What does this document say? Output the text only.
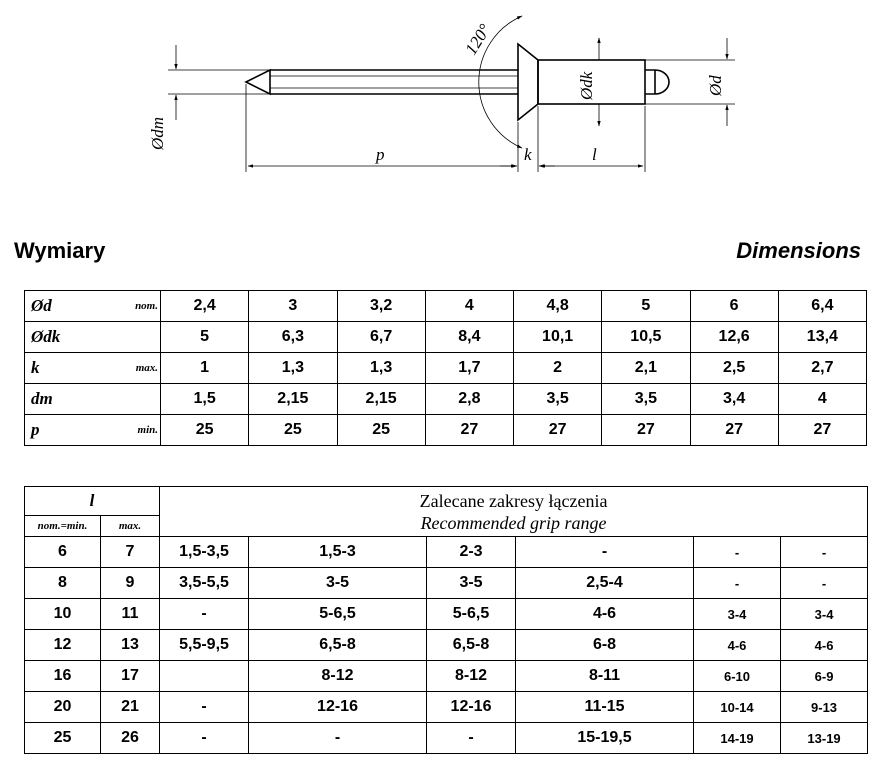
120°
Ødm
Ødk	Ød
p	k	l
Wymiary	Dimensions
Ød	nom.	2,4	3	3,2	4	4,8	5	6	6,4
Ødk		5	6,3	6,7	8,4	10,1	10,5	12,6	13,4
k	max.	1	1,3	1,3	1,7	2	2,1	2,5	2,7
dm		1,5	2,15	2,15	2,8	3,5	3,5	3,4	4
p	min.	25	25	25	27	27	27	27	27
l		Zalecane zakresy łączenia
Recommended grip range					

nom.=min.	max.						
6	7	1,5-3,5	1,5-3	2-3	-	-	-
8	9	3,5-5,5	3-5	3-5	2,5-4	-	-
10	11	-	5-6,5	5-6,5	4-6	3-4	3-4
12	13	5,5-9,5	6,5-8	6,5-8	6-8	4-6	4-6
16	17		8-12	8-12	8-11	6-10	6-9
20	21	-	12-16	12-16	11-15	10-14	9-13
25	26	-	-	-	15-19,5	14-19	13-19
